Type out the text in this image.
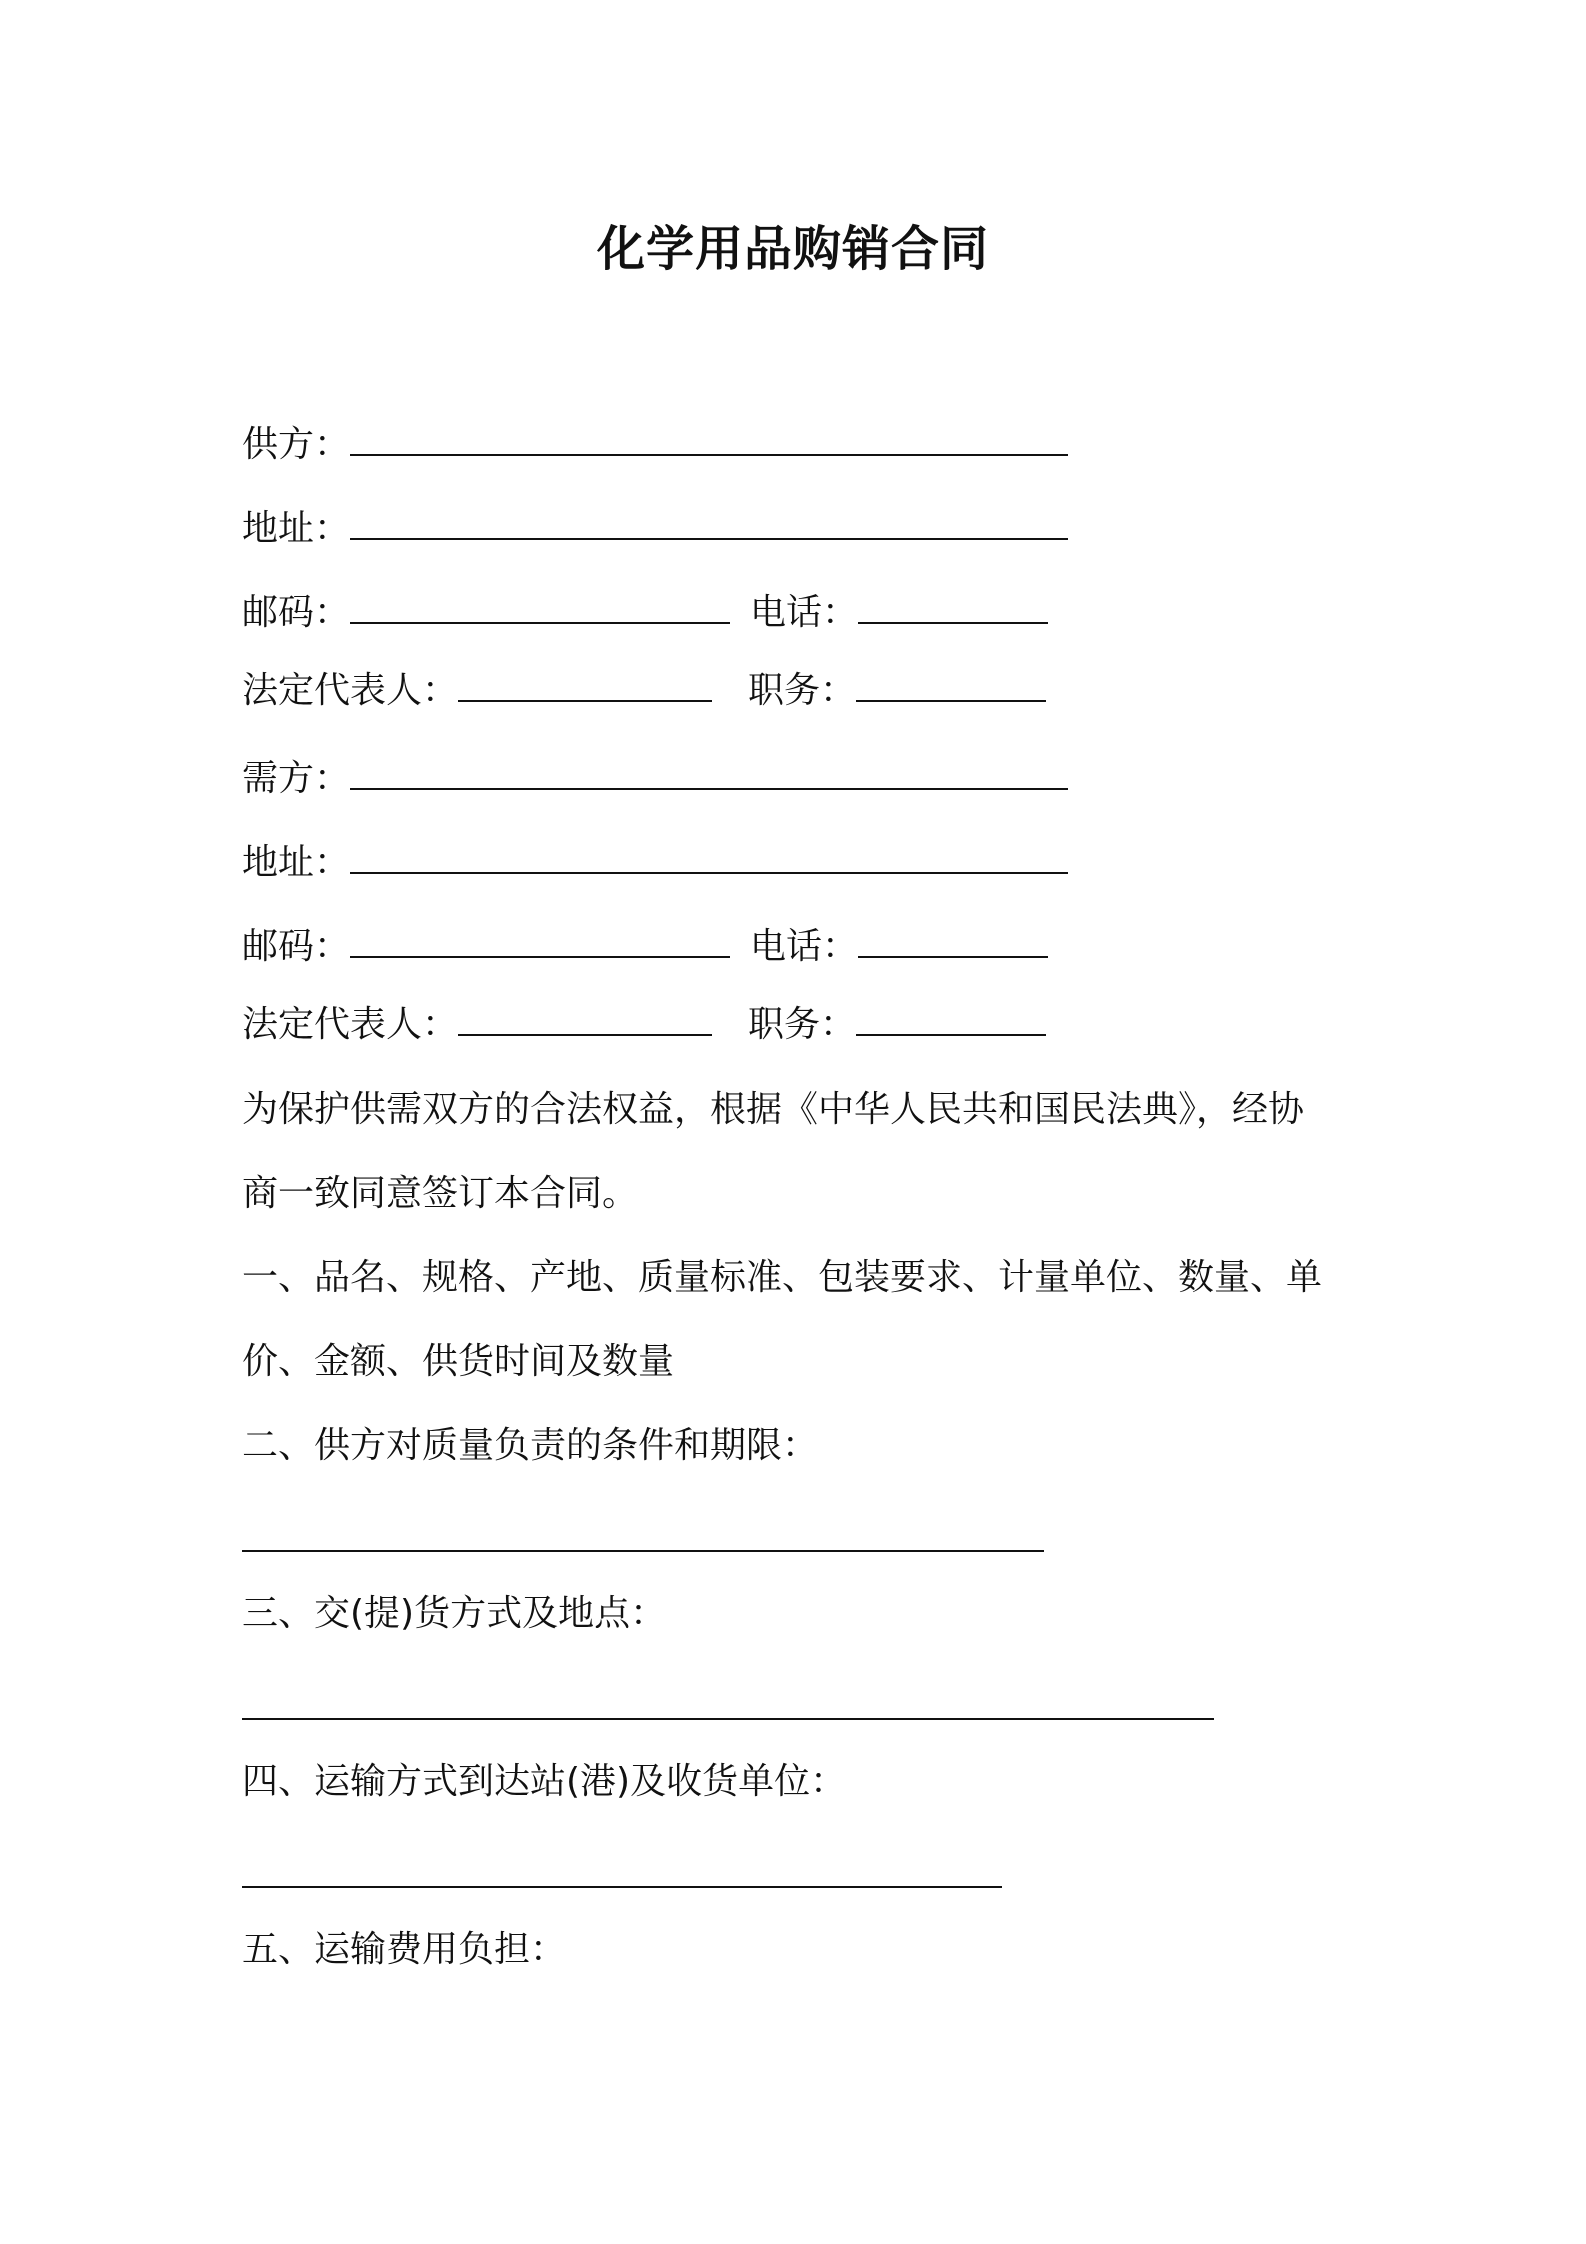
化学用品购销合同
供方：
地址：
邮码：	电话：
法定代表人：	职务：
需方：
地址：
邮码：	电话：
法定代表人：	职务：
为保护供需双方的合法权益，根据《中华人民共和国民法典》，经协
商一致同意签订本合同。
一、品名、规格、产地、质量标准、包装要求、计量单位、数量、单
价、金额、供货时间及数量
二、供方对质量负责的条件和期限：
三、交(提)货方式及地点：
四、运输方式到达站(港)及收货单位：
五、运输费用负担：
